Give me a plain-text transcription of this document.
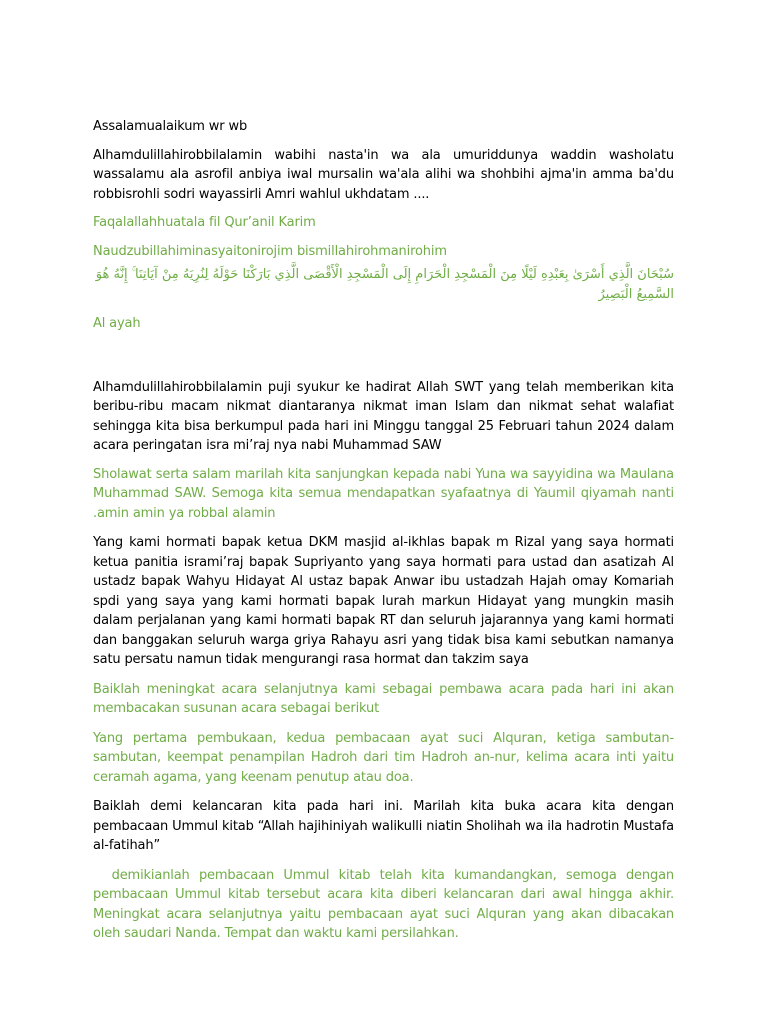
Assalamualaikum wr wb

Alhamdulillahirobbilalamin wabihi nasta'in wa ala umuriddunya waddin washolatu wassalamu ala asrofil anbiya iwal mursalin wa'ala alihi wa shohbihi ajma'in amma ba'du robbisrohli sodri wayassirli Amri wahlul ukhdatam ....

Faqalallahhuatala fil Qur’anil Karim

Naudzubillahiminasyaitonirojim bismillahirohmanirohim

سُبْحَانَ الَّذِي أَسْرَىٰ بِعَبْدِهِ لَيْلًا مِنَ الْمَسْجِدِ الْحَرَامِ إِلَى الْمَسْجِدِ الْأَقْصَى الَّذِي بَارَكْنَا حَوْلَهُ لِنُرِيَهُ مِنْ آيَاتِنَا ۚ إِنَّهُ هُوَ السَّمِيعُ الْبَصِيرُ

Al ayah

Alhamdulillahirobbilalamin puji syukur ke hadirat Allah SWT yang telah memberikan kita beribu-ribu macam nikmat diantaranya nikmat iman Islam dan nikmat sehat walafiat sehingga kita bisa berkumpul pada hari ini Minggu tanggal 25 Februari tahun 2024 dalam acara peringatan isra mi’raj nya nabi Muhammad SAW

Sholawat serta salam marilah kita sanjungkan kepada nabi Yuna wa sayyidina wa Maulana Muhammad SAW. Semoga kita semua mendapatkan syafaatnya di Yaumil qiyamah nanti .amin amin ya robbal alamin

Yang kami hormati bapak ketua DKM masjid al-ikhlas bapak m Rizal yang saya hormati ketua panitia isrami’raj bapak Supriyanto yang saya hormati para ustad dan asatizah Al ustadz bapak Wahyu Hidayat Al ustaz bapak Anwar ibu ustadzah Hajah omay Komariah spdi yang saya yang kami hormati bapak lurah markun Hidayat yang mungkin masih dalam perjalanan yang kami hormati bapak RT dan seluruh jajarannya yang kami hormati dan banggakan seluruh warga griya Rahayu asri yang tidak bisa kami sebutkan namanya satu persatu namun tidak mengurangi rasa hormat dan takzim saya

Baiklah meningkat acara selanjutnya kami sebagai pembawa acara pada hari ini akan membacakan susunan acara sebagai berikut

Yang pertama pembukaan, kedua pembacaan ayat suci Alquran, ketiga sambutan-sambutan, keempat penampilan Hadroh dari tim Hadroh an-nur, kelima acara inti yaitu ceramah agama, yang keenam penutup atau doa.

Baiklah demi kelancaran kita pada hari ini. Marilah kita buka acara kita dengan pembacaan Ummul kitab “Allah hajihiniyah walikulli niatin Sholihah wa ila hadrotin Mustafa al-fatihah”

demikianlah pembacaan Ummul kitab telah kita kumandangkan, semoga dengan pembacaan Ummul kitab tersebut acara kita diberi kelancaran dari awal hingga akhir. Meningkat acara selanjutnya yaitu pembacaan ayat suci Alquran yang akan dibacakan oleh saudari Nanda. Tempat dan waktu kami persilahkan.
